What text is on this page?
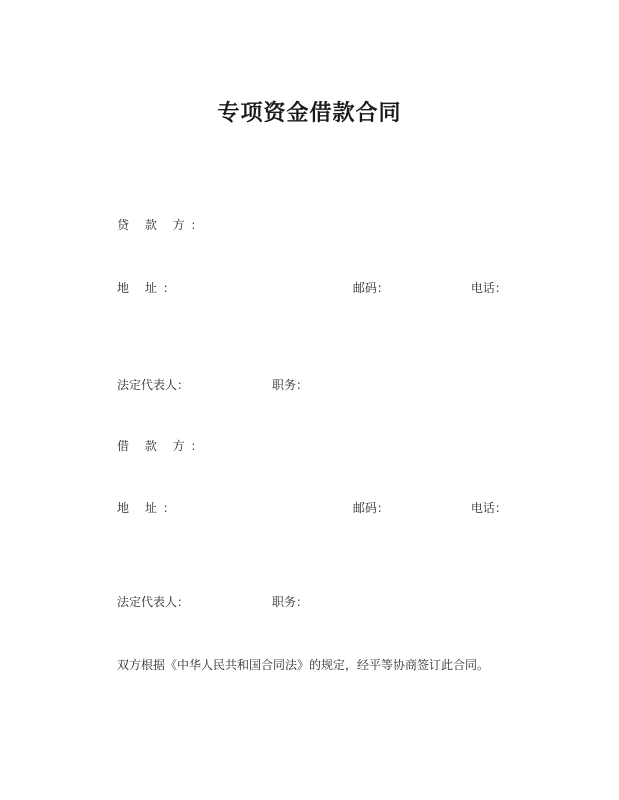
专项资金借款合同
贷 款 方：
地 址：	邮码：	电话：
法定代表人：	职务：
借 款 方：
地 址：	邮码：	电话：
法定代表人：	职务：
双方根据《中华人民共和国合同法》的规定，经平等协商签订此合同。
